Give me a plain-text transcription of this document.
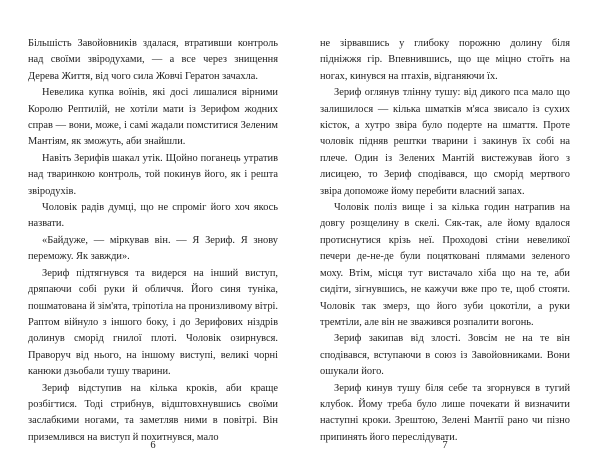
Більшість Завойовників здалася, втративши контроль над своїми звіродухами, — а все через знищення Дерева Життя, від чого сила Жовчі Гератон зачахла.

Невелика купка воїнів, які досі лишалися вірними Королю Рептилій, не хотіли мати із Зерифом жодних справ — вони, може, і самі жадали помститися Зеленим Мантіям, як зможуть, аби знайшли.

Навіть Зерифів шакал утік. Щойно поганець утратив над тваринкою контроль, той покинув його, як і решта звіродухів.

Чоловік радів думці, що не спроміг його хоч якось назвати.

«Байдуже, — міркував він. — Я Зериф. Я знову переможу. Як завжди».

Зериф підтягнувся та видерся на інший виступ, дряпаючи собі руки й обличчя. Його синя туніка, пошматована й зім'ята, тріпотіла на пронизливому вітрі. Раптом війнуло з іншого боку, і до Зерифових ніздрів долинув сморід гнилої плоті. Чоловік озирнувся. Праворуч від нього, на іншому виступі, великі чорні канюки дзьобали тушу тварини.

Зериф відступив на кілька кроків, аби краще розбігтися. Тоді стрибнув, відштовхнувшись своїми заслабкими ногами, та заметляв ними в повітрі. Він приземлився на виступ й похитнувся, мало

6

не зірвавшись у глибоку порожню долину біля підніжжя гір. Впевнившись, що ще міцно стоїть на ногах, кинувся на птахів, відганяючи їх.

Зериф оглянув тлінну тушу: від дикого пса мало що залишилося — кілька шматків м'яса звисало із сухих кісток, а хутро звіра було подерте на шмаття. Проте чоловік підняв рештки тварини і закинув їх собі на плече. Один із Зелених Мантій вистежував його з лисицею, то Зериф сподівався, що сморід мертвого звіра допоможе йому перебити власний запах.

Чоловік поліз вище і за кілька годин натрапив на довгу розщелину в скелі. Сяк-так, але йому вдалося протиснутися крізь неї. Проходові стіни невеликої печери де-не-де були поцятковані плямами зеленого моху. Втім, місця тут вистачало хіба що на те, аби сидіти, зігнувшись, не кажучи вже про те, щоб стояти. Чоловік так змерз, що його зуби цокотіли, а руки тремтіли, але він не зважився розпалити вогонь.

Зериф закипав від злості. Зовсім не на те він сподівався, вступаючи в союз із Завойовниками. Вони ошукали його.

Зериф кинув тушу біля себе та згорнувся в тугий клубок. Йому треба було лише почекати й визначити наступні кроки. Зрештою, Зелені Мантії рано чи пізно припинять його переслідувати.

7
